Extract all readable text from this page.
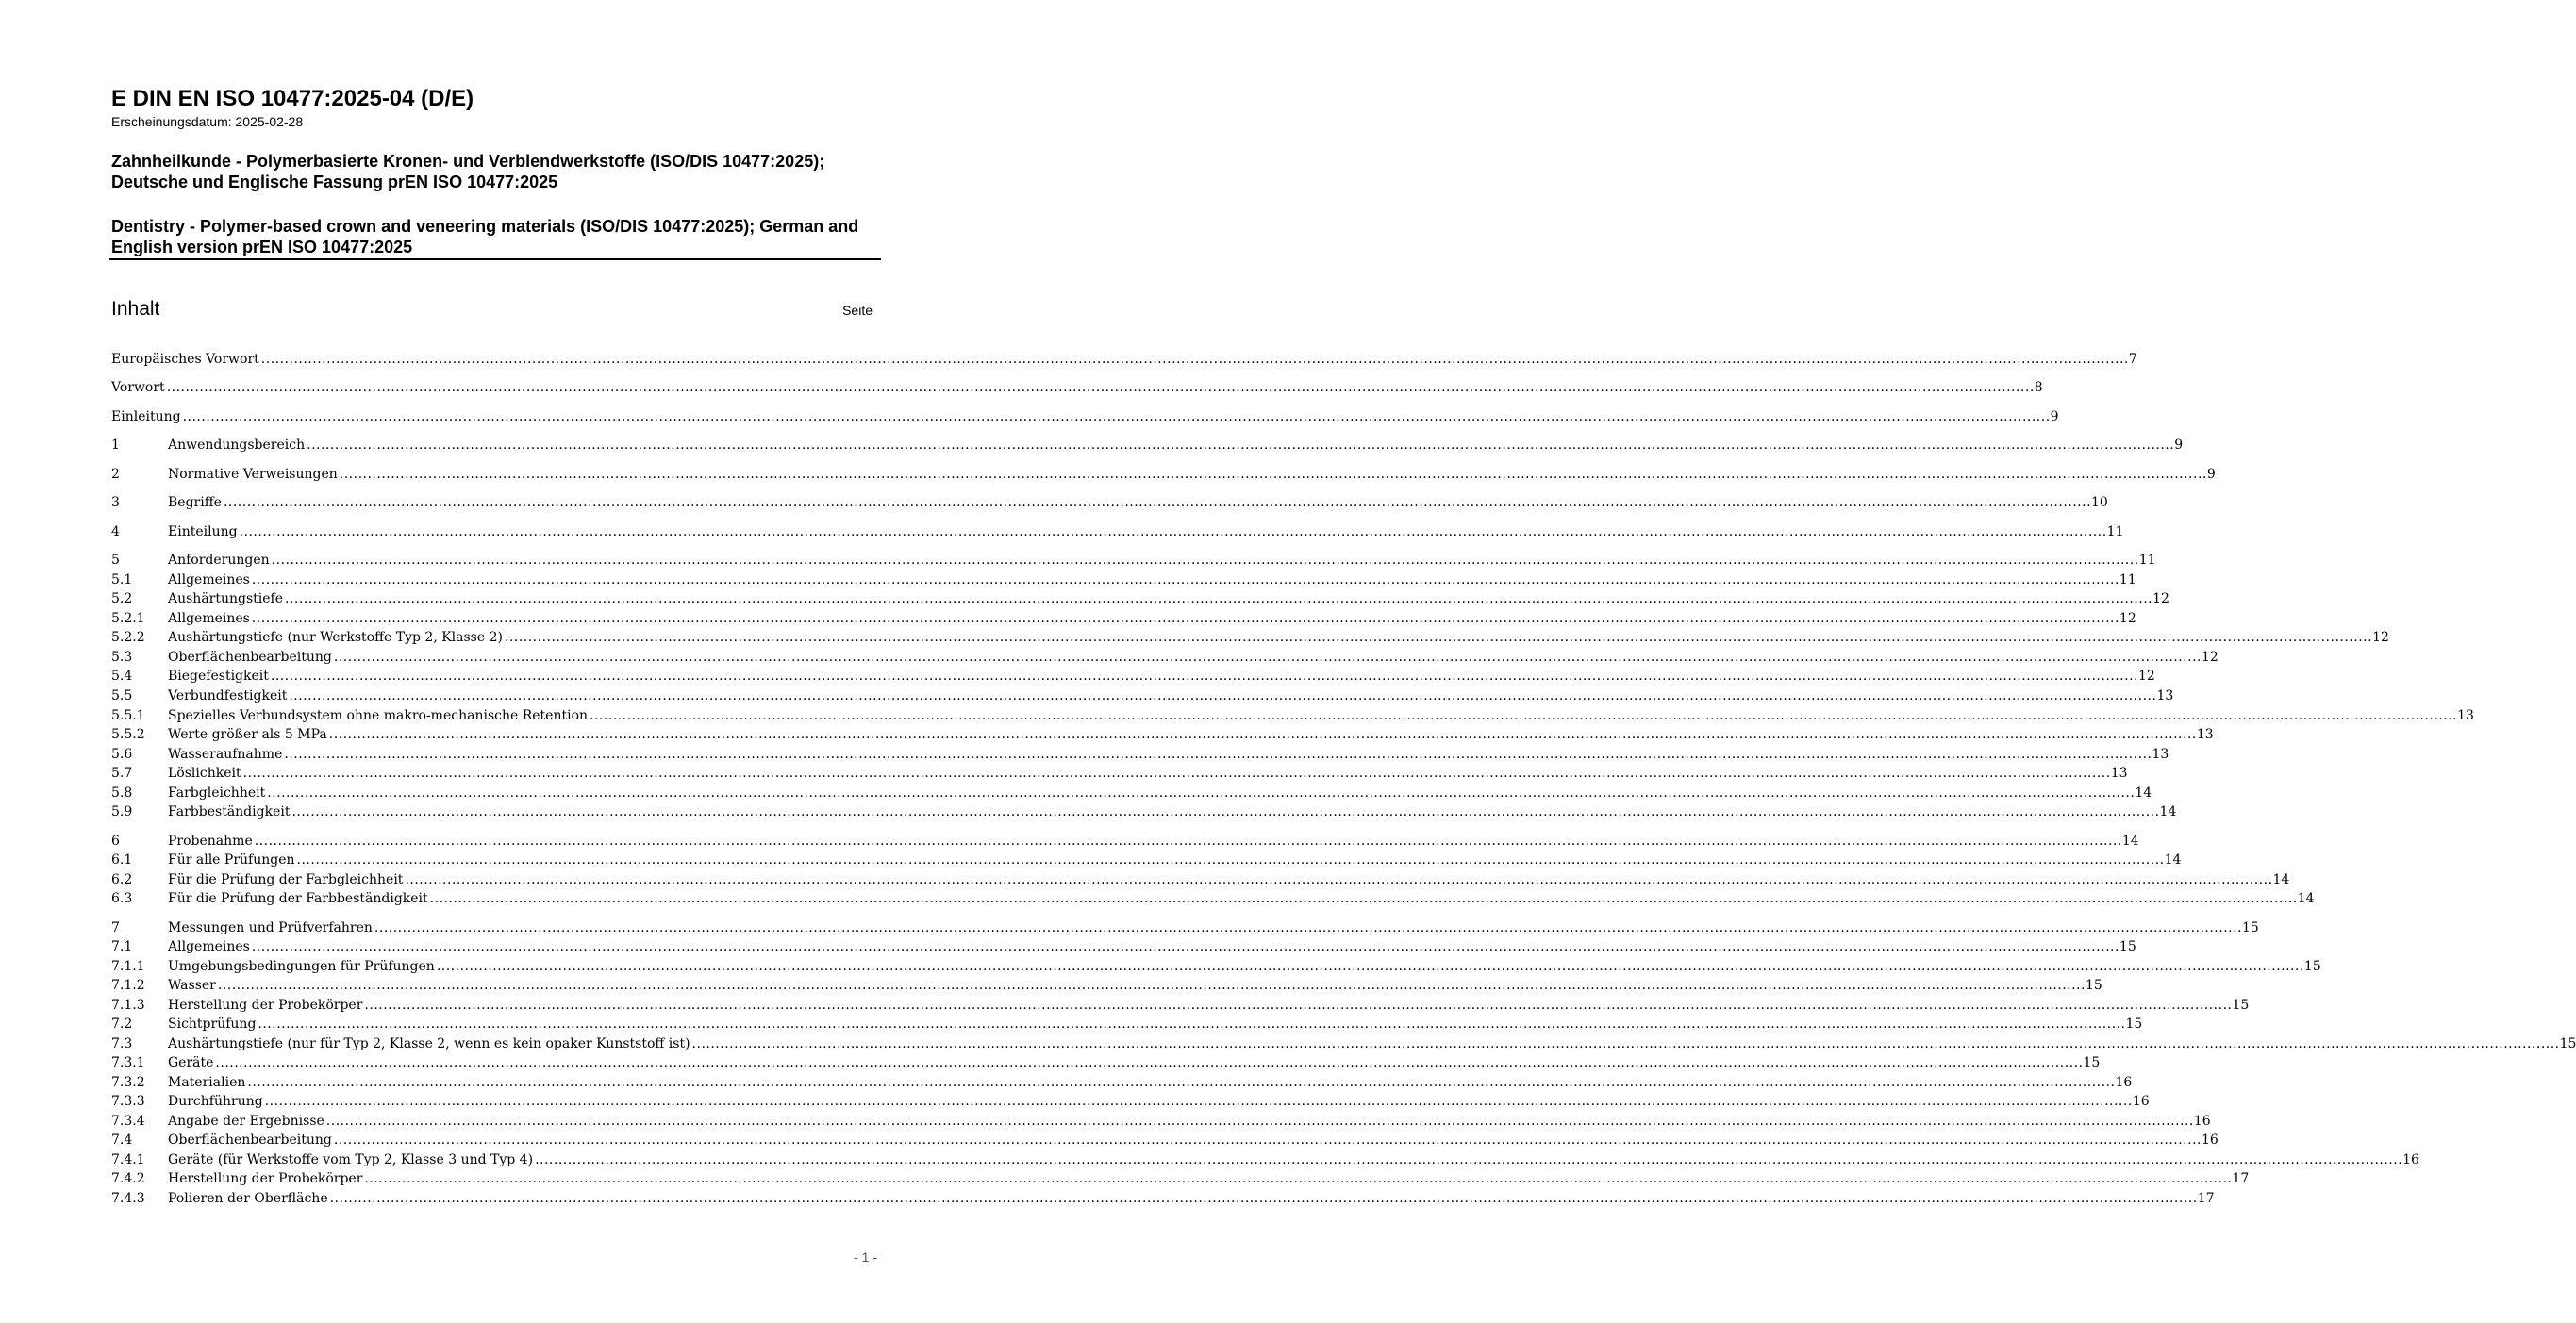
E DIN EN ISO 10477:2025-04 (D/E)
Erscheinungsdatum: 2025-02-28
Zahnheilkunde - Polymerbasierte Kronen- und Verblendwerkstoffe (ISO/DIS 10477:2025); Deutsche und Englische Fassung prEN ISO 10477:2025
Dentistry - Polymer-based crown and veneering materials (ISO/DIS 10477:2025); German and English version prEN ISO 10477:2025
Inhalt	Seite
Europäisches Vorwort ................................................................................................................................................................................................................................................................................................................................................................................................................ 7
Vorwort ................................................................................................................................................................................................................................................................................................................................................................................................................ 8
Einleitung ................................................................................................................................................................................................................................................................................................................................................................................................................ 9
1	Anwendungsbereich ................................................................................................................................................................................................................................................................................................................................................................................................................ 9
2	Normative Verweisungen ................................................................................................................................................................................................................................................................................................................................................................................................................ 9
3	Begriffe ................................................................................................................................................................................................................................................................................................................................................................................................................ 10
4	Einteilung ................................................................................................................................................................................................................................................................................................................................................................................................................ 11
5	Anforderungen ................................................................................................................................................................................................................................................................................................................................................................................................................ 11
5.1	Allgemeines ................................................................................................................................................................................................................................................................................................................................................................................................................ 11
5.2	Aushärtungstiefe ................................................................................................................................................................................................................................................................................................................................................................................................................ 12
5.2.1	Allgemeines ................................................................................................................................................................................................................................................................................................................................................................................................................ 12
5.2.2	Aushärtungstiefe (nur Werkstoffe Typ 2, Klasse 2) ................................................................................................................................................................................................................................................................................................................................................................................................................ 12
5.3	Oberflächenbearbeitung ................................................................................................................................................................................................................................................................................................................................................................................................................ 12
5.4	Biegefestigkeit ................................................................................................................................................................................................................................................................................................................................................................................................................ 12
5.5	Verbundfestigkeit ................................................................................................................................................................................................................................................................................................................................................................................................................ 13
5.5.1	Spezielles Verbundsystem ohne makro-mechanische Retention ................................................................................................................................................................................................................................................................................................................................................................................................................ 13
5.5.2	Werte größer als 5 MPa ................................................................................................................................................................................................................................................................................................................................................................................................................ 13
5.6	Wasseraufnahme ................................................................................................................................................................................................................................................................................................................................................................................................................ 13
5.7	Löslichkeit ................................................................................................................................................................................................................................................................................................................................................................................................................ 13
5.8	Farbgleichheit ................................................................................................................................................................................................................................................................................................................................................................................................................ 14
5.9	Farbbeständigkeit ................................................................................................................................................................................................................................................................................................................................................................................................................ 14
6	Probenahme ................................................................................................................................................................................................................................................................................................................................................................................................................ 14
6.1	Für alle Prüfungen ................................................................................................................................................................................................................................................................................................................................................................................................................ 14
6.2	Für die Prüfung der Farbgleichheit ................................................................................................................................................................................................................................................................................................................................................................................................................ 14
6.3	Für die Prüfung der Farbbeständigkeit ................................................................................................................................................................................................................................................................................................................................................................................................................ 14
7	Messungen und Prüfverfahren ................................................................................................................................................................................................................................................................................................................................................................................................................ 15
7.1	Allgemeines ................................................................................................................................................................................................................................................................................................................................................................................................................ 15
7.1.1	Umgebungsbedingungen für Prüfungen ................................................................................................................................................................................................................................................................................................................................................................................................................ 15
7.1.2	Wasser ................................................................................................................................................................................................................................................................................................................................................................................................................ 15
7.1.3	Herstellung der Probekörper ................................................................................................................................................................................................................................................................................................................................................................................................................ 15
7.2	Sichtprüfung ................................................................................................................................................................................................................................................................................................................................................................................................................ 15
7.3	Aushärtungstiefe (nur für Typ 2, Klasse 2, wenn es kein opaker Kunststoff ist) ................................................................................................................................................................................................................................................................................................................................................................................................................ 15
7.3.1	Geräte ................................................................................................................................................................................................................................................................................................................................................................................................................ 15
7.3.2	Materialien ................................................................................................................................................................................................................................................................................................................................................................................................................ 16
7.3.3	Durchführung ................................................................................................................................................................................................................................................................................................................................................................................................................ 16
7.3.4	Angabe der Ergebnisse ................................................................................................................................................................................................................................................................................................................................................................................................................ 16
7.4	Oberflächenbearbeitung ................................................................................................................................................................................................................................................................................................................................................................................................................ 16
7.4.1	Geräte (für Werkstoffe vom Typ 2, Klasse 3 und Typ 4) ................................................................................................................................................................................................................................................................................................................................................................................................................ 16
7.4.2	Herstellung der Probekörper ................................................................................................................................................................................................................................................................................................................................................................................................................ 17
7.4.3	Polieren der Oberfläche ................................................................................................................................................................................................................................................................................................................................................................................................................ 17
- 1 -
